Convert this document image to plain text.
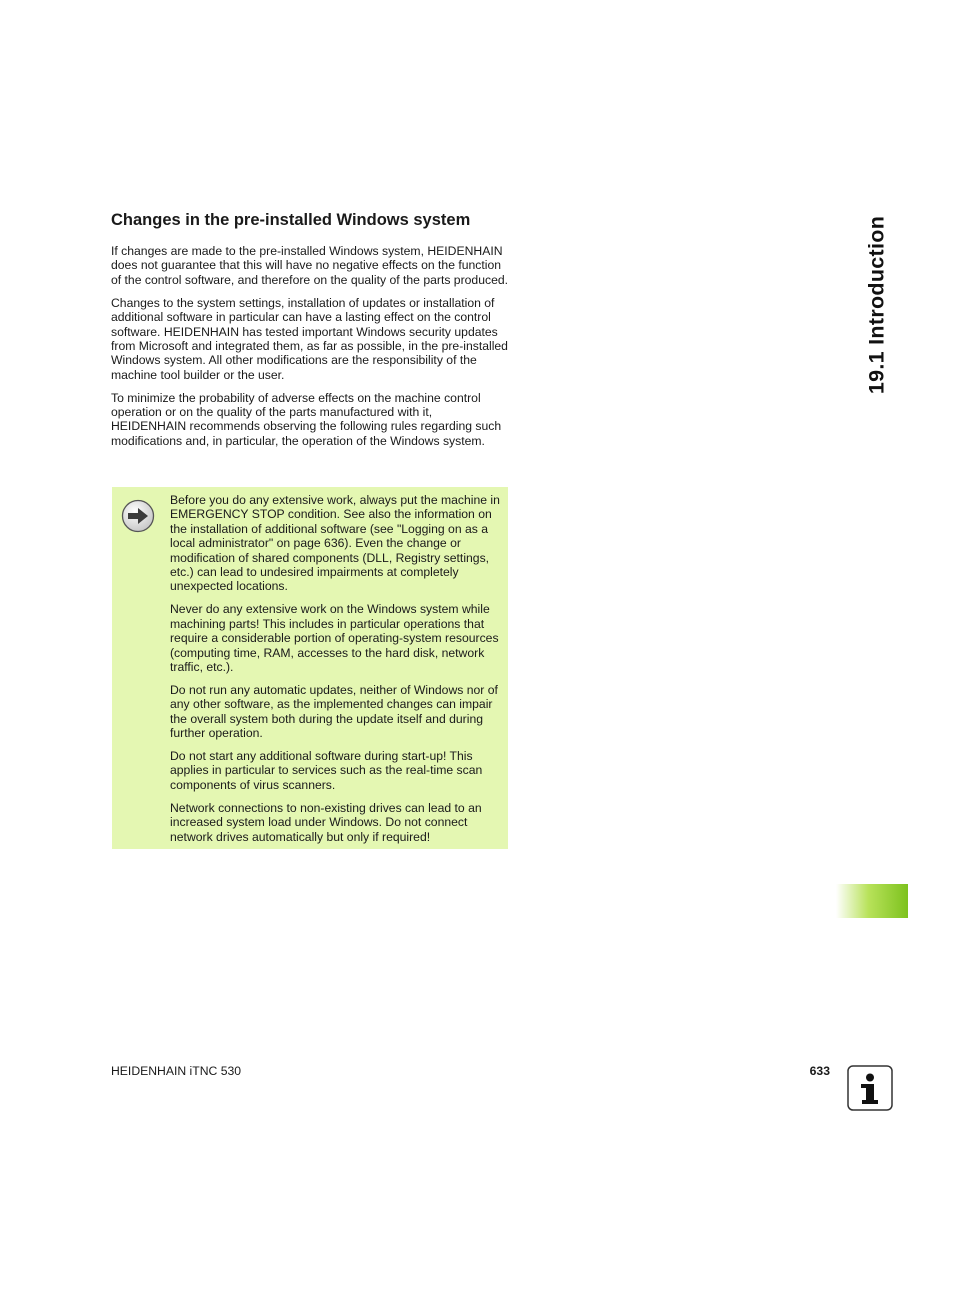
Changes in the pre-installed Windows system

If changes are made to the pre-installed Windows system, HEIDENHAIN does not guarantee that this will have no negative effects on the function of the control software, and therefore on the quality of the parts produced.

Changes to the system settings, installation of updates or installation of additional software in particular can have a lasting effect on the control software. HEIDENHAIN has tested important Windows security updates from Microsoft and integrated them, as far as possible, in the pre-installed Windows system. All other modifications are the responsibility of the machine tool builder or the user.

To minimize the probability of adverse effects on the machine control operation or on the quality of the parts manufactured with it, HEIDENHAIN recommends observing the following rules regarding such modifications and, in particular, the operation of the Windows system.

Before you do any extensive work, always put the machine in EMERGENCY STOP condition. See also the information on the installation of additional software (see "Logging on as a local administrator" on page 636). Even the change or modification of shared components (DLL, Registry settings, etc.) can lead to undesired impairments at completely unexpected locations.

Never do any extensive work on the Windows system while machining parts! This includes in particular operations that require a considerable portion of operating-system resources (computing time, RAM, accesses to the hard disk, network traffic, etc.).

Do not run any automatic updates, neither of Windows nor of any other software, as the implemented changes can impair the overall system both during the update itself and during further operation.

Do not start any additional software during start-up! This applies in particular to services such as the real-time scan components of virus scanners.

Network connections to non-existing drives can lead to an increased system load under Windows. Do not connect network drives automatically but only if required!

19.1 Introduction
HEIDENHAIN iTNC 530	633
